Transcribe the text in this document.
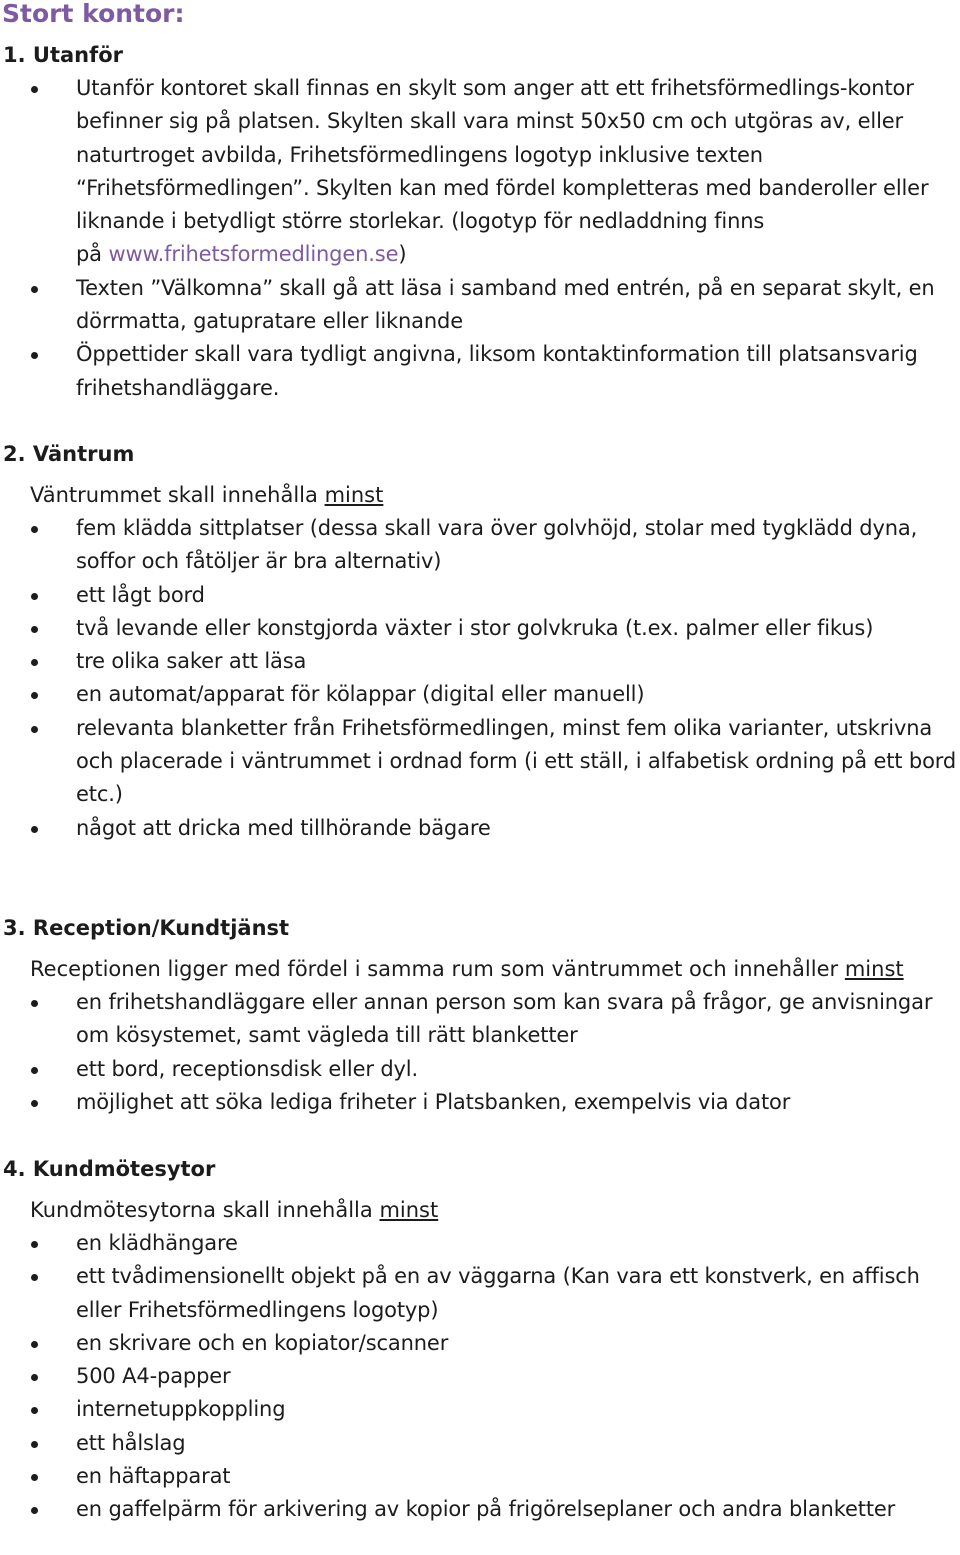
Stort kontor:
1. Utanför
Utanför kontoret skall finnas en skylt som anger att ett frihetsförmedlings-kontor befinner sig på platsen. Skylten skall vara minst 50x50 cm och utgöras av, eller naturtroget avbilda, Frihetsförmedlingens logotyp inklusive texten “Frihetsförmedlingen”. Skylten kan med fördel kompletteras med banderoller eller liknande i betydligt större storlekar. (logotyp för nedladdning finns på www.frihetsformedlingen.se)
Texten ”Välkomna” skall gå att läsa i samband med entrén, på en separat skylt, en dörrmatta, gatupratare eller liknande
Öppettider skall vara tydligt angivna, liksom kontaktinformation till platsansvarig frihetshandläggare.
2. Väntrum
Väntrummet skall innehålla minst
fem klädda sittplatser (dessa skall vara över golvhöjd, stolar med tygklädd dyna, soffor och fåtöljer är bra alternativ)
ett lågt bord
två levande eller konstgjorda växter i stor golvkruka (t.ex. palmer eller fikus)
tre olika saker att läsa
en automat/apparat för kölappar (digital eller manuell)
relevanta blanketter från Frihetsförmedlingen, minst fem olika varianter, utskrivna och placerade i väntrummet i ordnad form (i ett ställ, i alfabetisk ordning på ett bord etc.)
något att dricka med tillhörande bägare
3. Reception/Kundtjänst
Receptionen ligger med fördel i samma rum som väntrummet och innehåller minst
en frihetshandläggare eller annan person som kan svara på frågor, ge anvisningar om kösystemet, samt vägleda till rätt blanketter
ett bord, receptionsdisk eller dyl.
möjlighet att söka lediga friheter i Platsbanken, exempelvis via dator
4. Kundmötesytor
Kundmötesytorna skall innehålla minst
en klädhängare
ett tvådimensionellt objekt på en av väggarna (Kan vara ett konstverk, en affisch eller Frihetsförmedlingens logotyp)
en skrivare och en kopiator/scanner
500 A4-papper
internetuppkoppling
ett hålslag
en häftapparat
en gaffelpärm för arkivering av kopior på frigörelseplaner och andra blanketter
